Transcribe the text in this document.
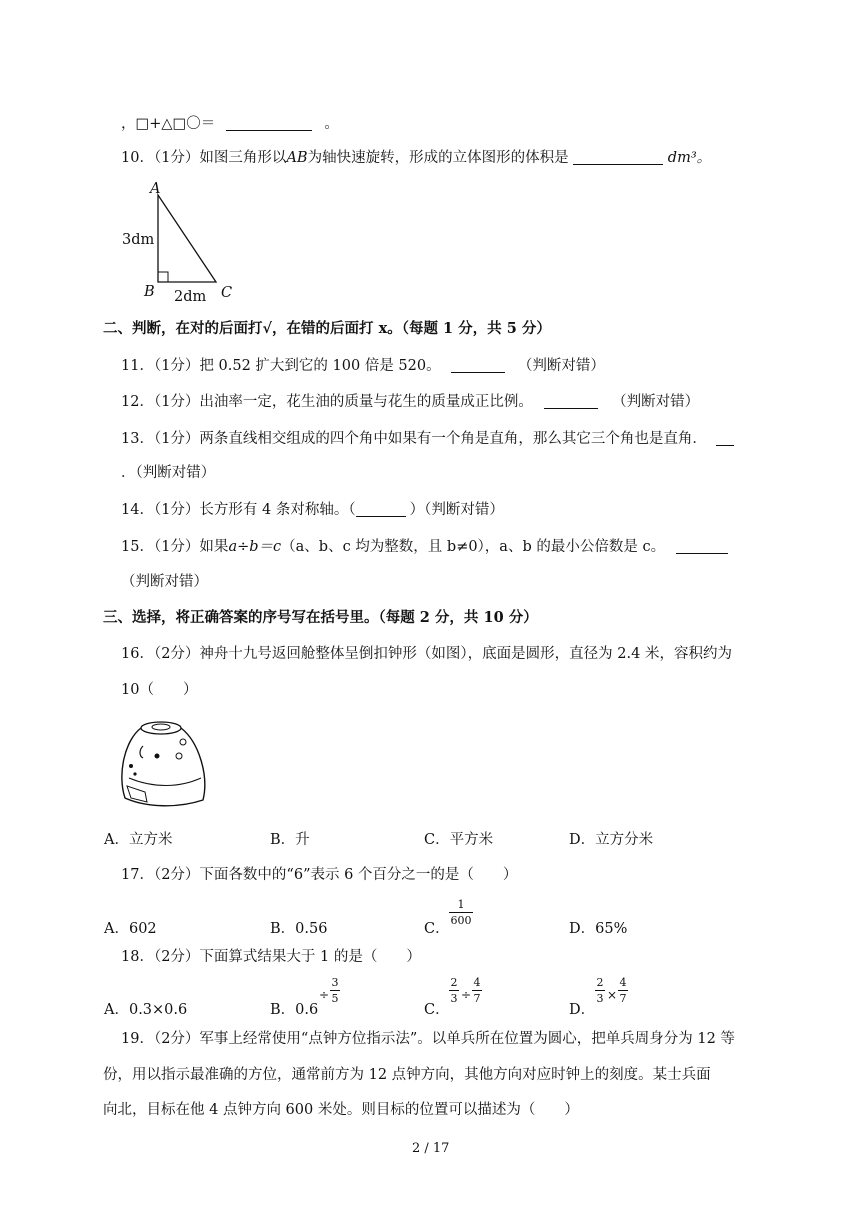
，□+△□〇＝	。
10．（1分）如图三角形以AB为轴快速旋转，形成的立体图形的体积是	dm³。
A
3dm
B 2dm C
二、判断，在对的后面打√，在错的后面打 x。（每题 1 分，共 5 分）
11．（1分）把 0.52 扩大到它的 100 倍是 520。	（判断对错）
12．（1分）出油率一定，花生油的质量与花生的质量成正比例。	（判断对错）
13．（1分）两条直线相交组成的四个角中如果有一个角是直角，那么其它三个角也是直角．
．（判断对错）
14．（1分）长方形有 4 条对称轴。（	）（判断对错）
15．（1分）如果a÷b＝c（a、b、c 均为整数，且 b≠0），a、b 的最小公倍数是 c。
（判断对错）
三、选择，将正确答案的序号写在括号里。（每题 2 分，共 10 分）
16．（2分）神舟十九号返回舱整体呈倒扣钟形（如图），底面是圆形，直径为 2.4 米，容积约为
10（　　）
A．立方米	B．升	C．平方米	D．立方分米
17．（2分）下面各数中的“6”表示 6 个百分之一的是（　　）
A．602	B．0.56	C．
1
600
D．65%
18．（2分）下面算式结果大于 1 的是（　　）
A．0.3×0.6	B．0.6
÷
3
5
C．
2
3 ÷
4
7
D．
2
3 ×
4
7
19．（2分）军事上经常使用“点钟方位指示法”。以单兵所在位置为圆心，把单兵周身分为 12 等
份，用以指示最准确的方位，通常前方为 12 点钟方向，其他方向对应时钟上的刻度。某士兵面
向北，目标在他 4 点钟方向 600 米处。则目标的位置可以描述为（　　）
2 / 17
